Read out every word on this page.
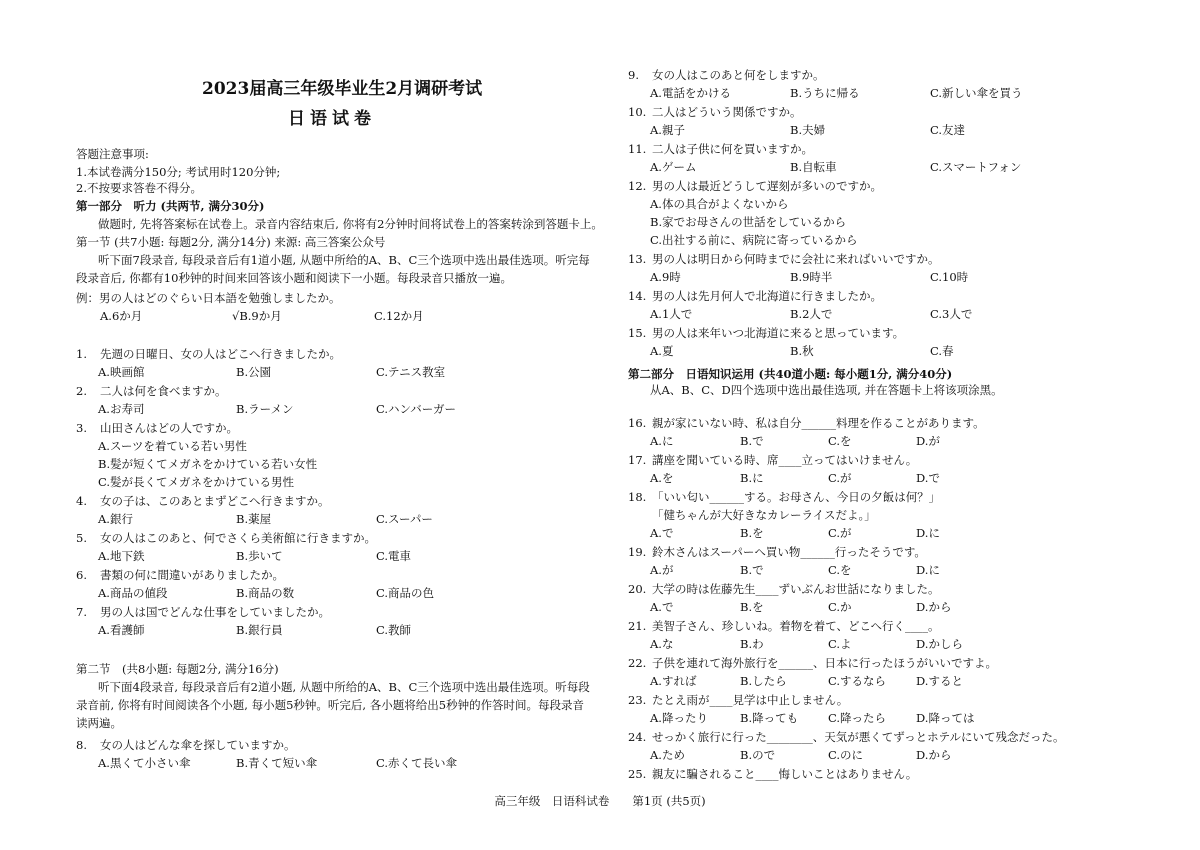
2023届高三年级毕业生2月调研考试
日语试卷
答题注意事项:
1.本试卷满分150分; 考试用时120分钟;
2.不按要求答卷不得分。
第一部分　听力 (共两节, 满分30分)
做题时, 先将答案标在试卷上。录音内容结束后, 你将有2分钟时间将试卷上的答案转涂到答题卡上。
第一节 (共7小题: 每题2分, 满分14分) 来源: 高三答案公众号
听下面7段录音, 每段录音后有1道小题, 从题中所给的A、B、C三个选项中选出最佳选项。听完每
段录音后, 你都有10秒钟的时间来回答该小题和阅读下一小题。每段录音只播放一遍。
例：男の人はどのぐらい日本語を勉強しましたか。
A.6か月	√B.9か月	C.12か月
1. 先週の日曜日、女の人はどこへ行きましたか。
A.映画館	B.公園	C.テニス教室
2. 二人は何を食べますか。
A.お寿司	B.ラーメン	C.ハンバーガー
3. 山田さんはどの人ですか。
A.スーツを着ている若い男性
B.髪が短くてメガネをかけている若い女性
C.髪が長くてメガネをかけている男性
4. 女の子は、このあとまずどこへ行きますか。
A.銀行	B.薬屋	C.スーパー
5. 女の人はこのあと、何でさくら美術館に行きますか。
A.地下鉄	B.歩いて	C.電車
6. 書類の何に間違いがありましたか。
A.商品の値段	B.商品の数	C.商品の色
7. 男の人は国でどんな仕事をしていましたか。
A.看護師	B.銀行員	C.教師
第二节　(共8小题: 每题2分, 满分16分)
听下面4段录音, 每段录音后有2道小题, 从题中所给的A、B、C三个选项中选出最佳选项。听每段
录音前, 你将有时间阅读各个小题, 每小题5秒钟。听完后, 各小题将给出5秒钟的作答时间。每段录音
读两遍。
8. 女の人はどんな傘を探していますか。
A.黒くて小さい傘	B.青くて短い傘	C.赤くて長い傘
9. 女の人はこのあと何をしますか。
A.電話をかける	B.うちに帰る	C.新しい傘を買う
10. 二人はどういう関係ですか。
A.親子	B.夫婦	C.友達
11. 二人は子供に何を買いますか。
A.ゲーム	B.自転車	C.スマートフォン
12. 男の人は最近どうして遅刻が多いのですか。
A.体の具合がよくないから
B.家でお母さんの世話をしているから
C.出社する前に、病院に寄っているから
13. 男の人は明日から何時までに会社に来ればいいですか。
A.9時	B.9時半	C.10時
14. 男の人は先月何人で北海道に行きましたか。
A.1人で	B.2人で	C.3人で
15. 男の人は来年いつ北海道に来ると思っています。
A.夏	B.秋	C.春
第二部分　日语知识运用 (共40道小题: 每小题1分, 满分40分)
从A、B、C、D四个选项中选出最佳选项, 并在答题卡上将该项涂黑。
16. 親が家にいない時、私は自分______料理を作ることがあります。
A.に	B.で	C.を	D.が
17. 講座を聞いている時、席____立ってはいけません。
A.を	B.に	C.が	D.で
18. 「いい匂い______する。お母さん、今日の夕飯は何？」
「健ちゃんが大好きなカレーライスだよ。」
A.で	B.を	C.が	D.に
19. 鈴木さんはスーパーへ買い物______行ったそうです。
A.が	B.で	C.を	D.に
20. 大学の時は佐藤先生____ずいぶんお世話になりました。
A.で	B.を	C.か	D.から
21. 美智子さん、珍しいね。着物を着て、どこへ行く____。
A.な	B.わ	C.よ	D.かしら
22. 子供を連れて海外旅行を______、日本に行ったほうがいいですよ。
A.すれば	B.したら	C.するなら	D.すると
23. たとえ雨が____見学は中止しません。
A.降ったり	B.降っても	C.降ったら	D.降っては
24. せっかく旅行に行った________、天気が悪くてずっとホテルにいて残念だった。
A.ため	B.ので	C.のに	D.から
25. 親友に騙されること____悔しいことはありません。
高三年级　日语科试卷　　第1页 (共5页)
